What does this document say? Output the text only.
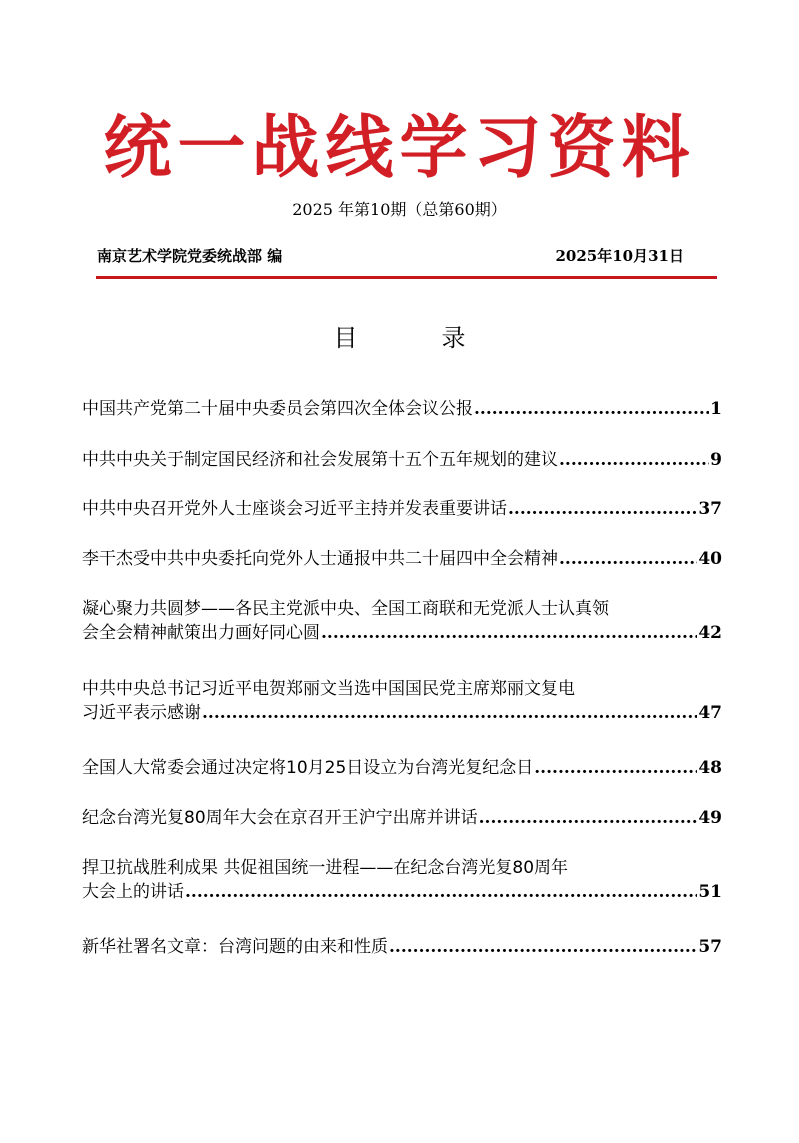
统一战线学习资料
2025 年第10期（总第60期）
南京艺术学院党委统战部 编	2025年10月31日
目　录
中国共产党第二十届中央委员会第四次全体会议公报 .....	1
中共中央关于制定国民经济和社会发展第十五个五年规划的建议 .....	9
中共中央召开党外人士座谈会习近平主持并发表重要讲话 .....	37
李干杰受中共中央委托向党外人士通报中共二十届四中全会精神 .....	40
凝心聚力共圆梦——各民主党派中央、全国工商联和无党派人士认真领
会全会精神献策出力画好同心圆 .....	42
中共中央总书记习近平电贺郑丽文当选中国国民党主席郑丽文复电
习近平表示感谢 .....	47
全国人大常委会通过决定将10月25日设立为台湾光复纪念日 .....	48
纪念台湾光复80周年大会在京召开王沪宁出席并讲话 .....	49
捍卫抗战胜利成果 共促祖国统一进程——在纪念台湾光复80周年
大会上的讲话 .....	51
新华社署名文章：台湾问题的由来和性质 .....	57
